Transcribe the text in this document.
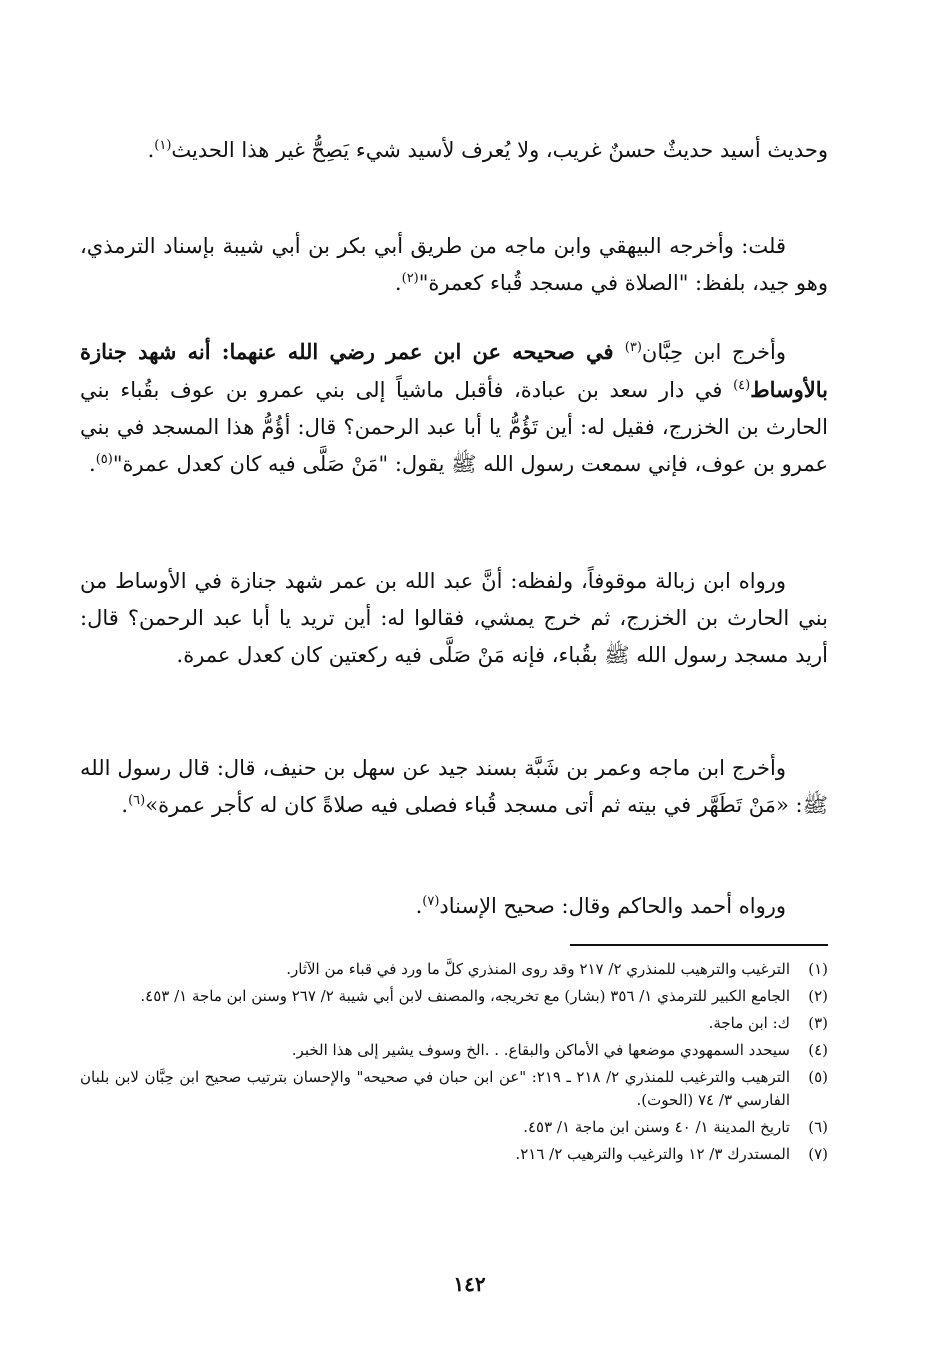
وحديث أسيد حديثٌ حسنٌ غريب، ولا يُعرف لأسيد شيء يَصِحُّ غير هذا الحديث$^{(١)}$.
قلت: وأخرجه البيهقي وابن ماجه من طريق أبي بكر بن أبي شيبة بإسناد الترمذي، وهو جيد، بلفظ: "الصلاة في مسجد قُباء كعمرة"$^{(٢)}$.
وأخرج ابن حِبَّان$^{(٣)}$ في صحيحه عن ابن عمر رضي الله عنهما: أنه شهد جنازة بالأوساط$^{(٤)}$ في دار سعد بن عبادة، فأقبل ماشياً إلى بني عمرو بن عوف بقُباء بني الحارث بن الخزرج، فقيل له: أين تَؤُمُّ يا أبا عبد الرحمن؟ قال: أؤُمُّ هذا المسجد في بني عمرو بن عوف، فإني سمعت رسول الله ﷺ يقول: "مَنْ صَلَّى فيه كان كعدل عمرة"$^{(٥)}$.
ورواه ابن زبالة موقوفاً، ولفظه: أنَّ عبد الله بن عمر شهد جنازة في الأوساط من بني الحارث بن الخزرج، ثم خرج يمشي، فقالوا له: أين تريد يا أبا عبد الرحمن؟ قال: أريد مسجد رسول الله ﷺ بقُباء، فإنه مَنْ صَلَّى فيه ركعتين كان كعدل عمرة.
وأخرج ابن ماجه وعمر بن شَبَّة بسند جيد عن سهل بن حنيف، قال: قال رسول الله ﷺ: «مَنْ تَطَهَّر في بيته ثم أتى مسجد قُباء فصلى فيه صلاةً كان له كأجر عمرة»$^{(٦)}$.
ورواه أحمد والحاكم وقال: صحيح الإسناد$^{(٧)}$.
(١)
الترغيب والترهيب للمنذري ٢/ ٢١٧ وقد روى المنذري كلَّ ما ورد في قباء من الآثار.
(٢)
الجامع الكبير للترمذي ١/ ٣٥٦ (بشار) مع تخريجه، والمصنف لابن أبي شيبة ٢/ ٢٦٧ وسنن ابن ماجة ١/ ٤٥٣.
(٣)
ك: ابن ماجة.
(٤)
سيحدد السمهودي موضعها في الأماكن والبقاع. . .الخ وسوف يشير إلى هذا الخبر.
(٥)
الترهيب والترغيب للمنذري ٢/ ٢١٨ ـ ٢١٩: "عن ابن حبان في صحيحه" والإحسان بترتيب صحيح ابن حِبَّان لابن بلبان الفارسي ٣/ ٧٤ (الحوت).
(٦)
تاريخ المدينة ١/ ٤٠ وسنن ابن ماجة ١/ ٤٥٣.
(٧)
المستدرك ٣/ ١٢ والترغيب والترهيب ٢/ ٢١٦.
١٤٢
